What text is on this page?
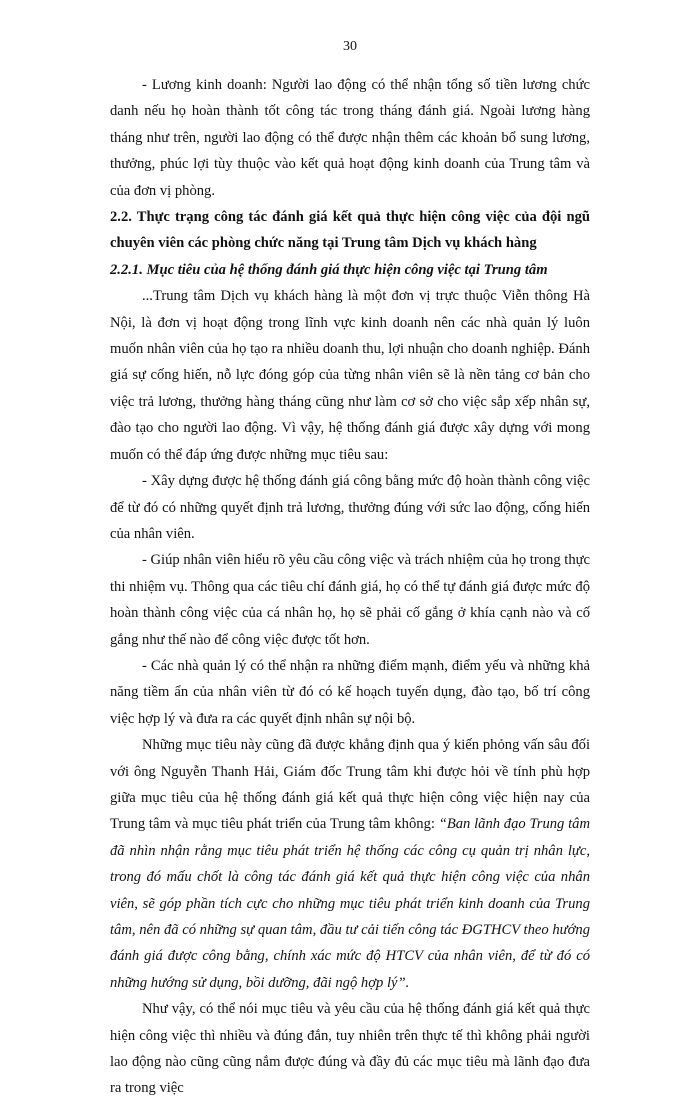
30

- Lương kinh doanh: Người lao động có thể nhận tổng số tiền lương chức danh nếu họ hoàn thành tốt công tác trong tháng đánh giá. Ngoài lương hàng tháng như trên, người lao động có thể được nhận thêm các khoản bổ sung lương, thưởng, phúc lợi tùy thuộc vào kết quả hoạt động kinh doanh của Trung tâm và của đơn vị phòng.

2.2. Thực trạng công tác đánh giá kết quả thực hiện công việc của đội ngũ chuyên viên các phòng chức năng tại Trung tâm Dịch vụ khách hàng

2.2.1. Mục tiêu của hệ thống đánh giá thực hiện công việc tại Trung tâm

...Trung tâm Dịch vụ khách hàng là một đơn vị trực thuộc Viễn thông Hà Nội, là đơn vị hoạt động trong lĩnh vực kinh doanh nên các nhà quản lý luôn muốn nhân viên của họ tạo ra nhiều doanh thu, lợi nhuận cho doanh nghiệp. Đánh giá sự cống hiến, nỗ lực đóng góp của từng nhân viên sẽ là nền tảng cơ bản cho việc trả lương, thưởng hàng tháng cũng như làm cơ sở cho việc sắp xếp nhân sự, đào tạo cho người lao động. Vì vậy, hệ thống đánh giá được xây dựng với mong muốn có thể đáp ứng được những mục tiêu sau:

- Xây dựng được hệ thống đánh giá công bằng mức độ hoàn thành công việc để từ đó có những quyết định trả lương, thưởng đúng với sức lao động, cống hiến của nhân viên.

- Giúp nhân viên hiểu rõ yêu cầu công việc và trách nhiệm của họ trong thực thi nhiệm vụ. Thông qua các tiêu chí đánh giá, họ có thể tự đánh giá được mức độ hoàn thành công việc của cá nhân họ, họ sẽ phải cố gắng ở khía cạnh nào và cố gắng như thế nào để công việc được tốt hơn.

- Các nhà quản lý có thể nhận ra những điểm mạnh, điểm yếu và những khả năng tiềm ẩn của nhân viên từ đó có kế hoạch tuyển dụng, đào tạo, bố trí công việc hợp lý và đưa ra các quyết định nhân sự nội bộ.

Những mục tiêu này cũng đã được khẳng định qua ý kiến phỏng vấn sâu đối với ông Nguyễn Thanh Hải, Giám đốc Trung tâm khi được hỏi về tính phù hợp giữa mục tiêu của hệ thống đánh giá kết quả thực hiện công việc hiện nay của Trung tâm và mục tiêu phát triển của Trung tâm không: “Ban lãnh đạo Trung tâm đã nhìn nhận rằng mục tiêu phát triển hệ thống các công cụ quản trị nhân lực, trong đó mấu chốt là công tác đánh giá kết quả thực hiện công việc của nhân viên, sẽ góp phần tích cực cho những mục tiêu phát triển kinh doanh của Trung tâm, nên đã có những sự quan tâm, đầu tư cải tiến công tác ĐGTHCV theo hướng đánh giá được công bằng, chính xác mức độ HTCV của nhân viên, để từ đó có những hướng sử dụng, bồi dưỡng, đãi ngộ hợp lý”.

Như vậy, có thể nói mục tiêu và yêu cầu của hệ thống đánh giá kết quả thực hiện công việc thì nhiều và đúng đắn, tuy nhiên trên thực tế thì không phải người lao động nào cũng cũng nắm được đúng và đầy đủ các mục tiêu mà lãnh đạo đưa ra trong việc
